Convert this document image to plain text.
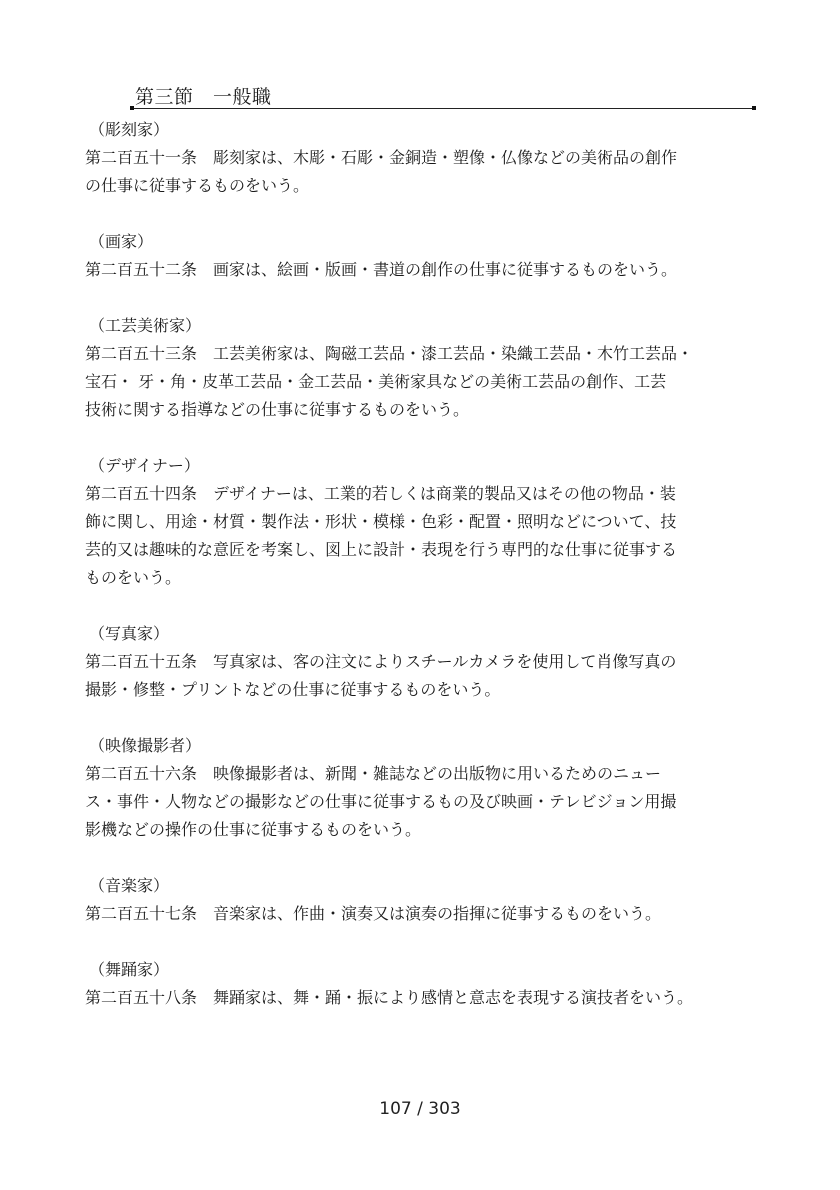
第三節　一般職
（彫刻家）
第二百五十一条　彫刻家は、木彫・石彫・金銅造・塑像・仏像などの美術品の創作
の仕事に従事するものをいう。
（画家）
第二百五十二条　画家は、絵画・版画・書道の創作の仕事に従事するものをいう。
（工芸美術家）
第二百五十三条　工芸美術家は、陶磁工芸品・漆工芸品・染織工芸品・木竹工芸品・
宝石・ 牙・角・皮革工芸品・金工芸品・美術家具などの美術工芸品の創作、工芸
技術に関する指導などの仕事に従事するものをいう。
（デザイナー）
第二百五十四条　デザイナーは、工業的若しくは商業的製品又はその他の物品・装
飾に関し、用途・材質・製作法・形状・模様・色彩・配置・照明などについて、技
芸的又は趣味的な意匠を考案し、図上に設計・表現を行う専門的な仕事に従事する
ものをいう。
（写真家）
第二百五十五条　写真家は、客の注文によりスチールカメラを使用して肖像写真の
撮影・修整・プリントなどの仕事に従事するものをいう。
（映像撮影者）
第二百五十六条　映像撮影者は、新聞・雑誌などの出版物に用いるためのニュー
ス・事件・人物などの撮影などの仕事に従事するもの及び映画・テレビジョン用撮
影機などの操作の仕事に従事するものをいう。
（音楽家）
第二百五十七条　音楽家は、作曲・演奏又は演奏の指揮に従事するものをいう。
（舞踊家）
第二百五十八条　舞踊家は、舞・踊・振により感情と意志を表現する演技者をいう。
107 / 303
